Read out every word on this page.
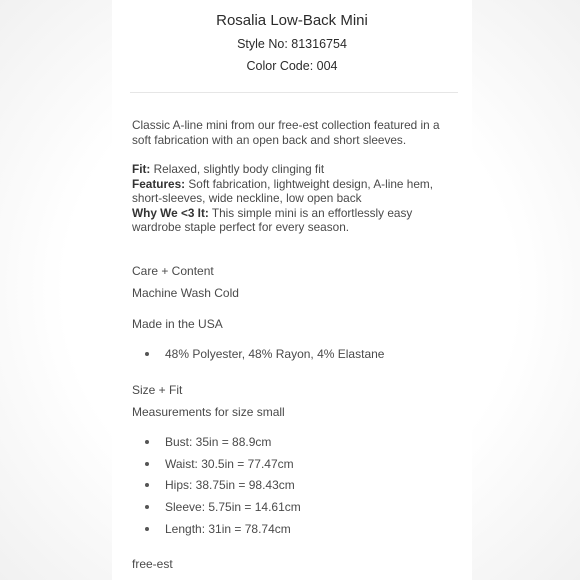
Rosalia Low-Back Mini
Style No: 81316754
Color Code: 004
Classic A-line mini from our free-est collection featured in a
soft fabrication with an open back and short sleeves.
Fit: Relaxed, slightly body clinging fit
Features: Soft fabrication, lightweight design, A-line hem,
short-sleeves, wide neckline, low open back
Why We <3 It: This simple mini is an effortlessly easy
wardrobe staple perfect for every season.
Care + Content
Machine Wash Cold
Made in the USA
48% Polyester, 48% Rayon, 4% Elastane
Size + Fit
Measurements for size small
Bust: 35in = 88.9cm
Waist: 30.5in = 77.47cm
Hips: 38.75in = 98.43cm
Sleeve: 5.75in = 14.61cm
Length: 31in = 78.74cm
free-est
